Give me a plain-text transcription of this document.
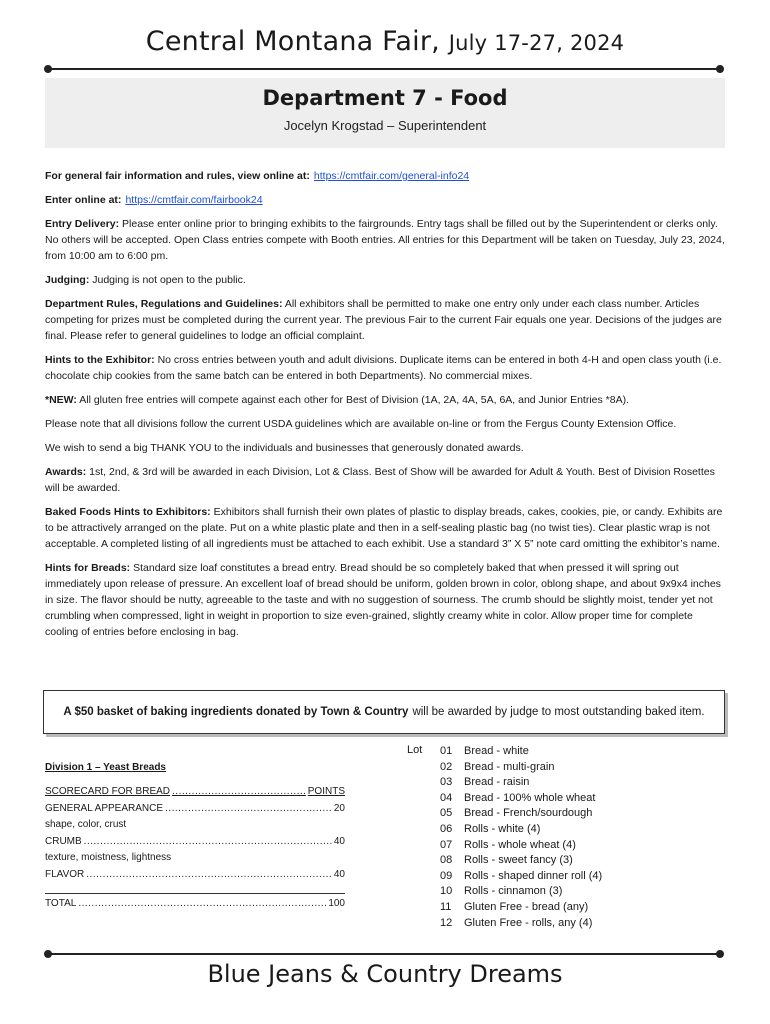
Central Montana Fair, July 17-27, 2024
Department 7 - Food
Jocelyn Krogstad – Superintendent

For general fair information and rules, view online at: https://cmtfair.com/general-info24

Enter online at: https://cmtfair.com/fairbook24

Entry Delivery: Please enter online prior to bringing exhibits to the fairgrounds. Entry tags shall be filled out by the Superintendent or clerks only. No others will be accepted. Open Class entries compete with Booth entries. All entries for this Department will be taken on Tuesday, July 23, 2024, from 10:00 am to 6:00 pm.

Judging: Judging is not open to the public.

Department Rules, Regulations and Guidelines: All exhibitors shall be permitted to make one entry only under each class number. Articles competing for prizes must be completed during the current year. The previous Fair to the current Fair equals one year. Decisions of the judges are final. Please refer to general guidelines to lodge an official complaint.

Hints to the Exhibitor: No cross entries between youth and adult divisions. Duplicate items can be entered in both 4-H and open class youth (i.e. chocolate chip cookies from the same batch can be entered in both Departments). No commercial mixes.

*NEW: All gluten free entries will compete against each other for Best of Division (1A, 2A, 4A, 5A, 6A, and Junior Entries *8A).

Please note that all divisions follow the current USDA guidelines which are available on-line or from the Fergus County Extension Office.

We wish to send a big THANK YOU to the individuals and businesses that generously donated awards.

Awards: 1st, 2nd, & 3rd will be awarded in each Division, Lot & Class. Best of Show will be awarded for Adult & Youth. Best of Division Rosettes will be awarded.

Baked Foods Hints to Exhibitors: Exhibitors shall furnish their own plates of plastic to display breads, cakes, cookies, pie, or candy. Exhibits are to be attractively arranged on the plate. Put on a white plastic plate and then in a self-sealing plastic bag (no twist ties). Clear plastic wrap is not acceptable. A completed listing of all ingredients must be attached to each exhibit. Use a standard 3” X 5” note card omitting the exhibitor’s name.

Hints for Breads: Standard size loaf constitutes a bread entry. Bread should be so completely baked that when pressed it will spring out immediately upon release of pressure. An excellent loaf of bread should be uniform, golden brown in color, oblong shape, and about 9x9x4 inches in size. The flavor should be nutty, agreeable to the taste and with no suggestion of sourness. The crumb should be slightly moist, tender yet not crumbling when compressed, light in weight in proportion to size even-grained, slightly creamy white in color. Allow proper time for complete cooling of entries before enclosing in bag.

A $50 basket of baking ingredients donated by Town & Country will be awarded by judge to most outstanding baked item.
Division 1 – Yeast Breads
SCORECARD FOR BREAD .....	POINTS
GENERAL APPEARANCE .....	20
shape, color, crust
CRUMB .....	40
texture, moistness, lightness
FLAVOR .....	40
TOTAL .....	100
Lot 01	Bread - white
02	Bread - multi-grain
03	Bread - raisin
04	Bread - 100% whole wheat
05	Bread - French/sourdough
06	Rolls - white (4)
07	Rolls - whole wheat (4)
08	Rolls - sweet fancy (3)
09	Rolls - shaped dinner roll (4)
10	Rolls - cinnamon (3)
11	Gluten Free - bread (any)
12	Gluten Free - rolls, any (4)
Blue Jeans & Country Dreams
